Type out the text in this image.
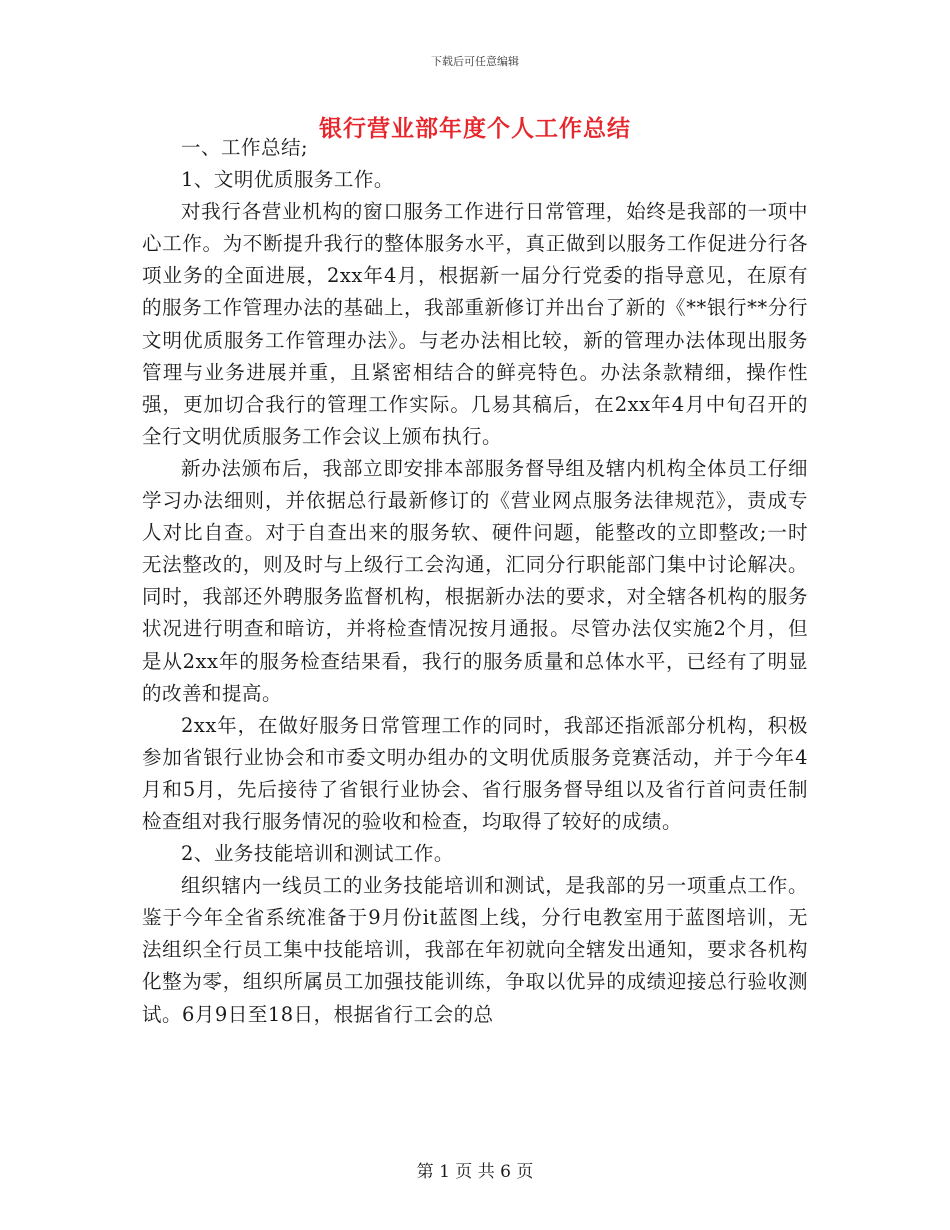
下载后可任意编辑
银行营业部年度个人工作总结

一、工作总结;

1、文明优质服务工作。

对我行各营业机构的窗口服务工作进行日常管理，始终是我部的一项中心工作。为不断提升我行的整体服务水平，真正做到以服务工作促进分行各项业务的全面进展，2xx年4月，根据新一届分行党委的指导意见，在原有的服务工作管理办法的基础上，我部重新修订并出台了新的《**银行**分行文明优质服务工作管理办法》。与老办法相比较，新的管理办法体现出服务管理与业务进展并重，且紧密相结合的鲜亮特色。办法条款精细，操作性强，更加切合我行的管理工作实际。几易其稿后，在2xx年4月中旬召开的全行文明优质服务工作会议上颁布执行。

新办法颁布后，我部立即安排本部服务督导组及辖内机构全体员工仔细学习办法细则，并依据总行最新修订的《营业网点服务法律规范》，责成专人对比自查。对于自查出来的服务软、硬件问题，能整改的立即整改;一时无法整改的，则及时与上级行工会沟通，汇同分行职能部门集中讨论解决。同时，我部还外聘服务监督机构，根据新办法的要求，对全辖各机构的服务状况进行明查和暗访，并将检查情况按月通报。尽管办法仅实施2个月，但是从2xx年的服务检查结果看，我行的服务质量和总体水平，已经有了明显的改善和提高。

2xx年，在做好服务日常管理工作的同时，我部还指派部分机构，积极参加省银行业协会和市委文明办组办的文明优质服务竞赛活动，并于今年4月和5月，先后接待了省银行业协会、省行服务督导组以及省行首问责任制检查组对我行服务情况的验收和检查，均取得了较好的成绩。

2、业务技能培训和测试工作。

组织辖内一线员工的业务技能培训和测试，是我部的另一项重点工作。鉴于今年全省系统准备于9月份it蓝图上线，分行电教室用于蓝图培训，无法组织全行员工集中技能培训，我部在年初就向全辖发出通知，要求各机构化整为零，组织所属员工加强技能训练，争取以优异的成绩迎接总行验收测试。6月9日至18日，根据省行工会的总

第 1 页 共 6 页
